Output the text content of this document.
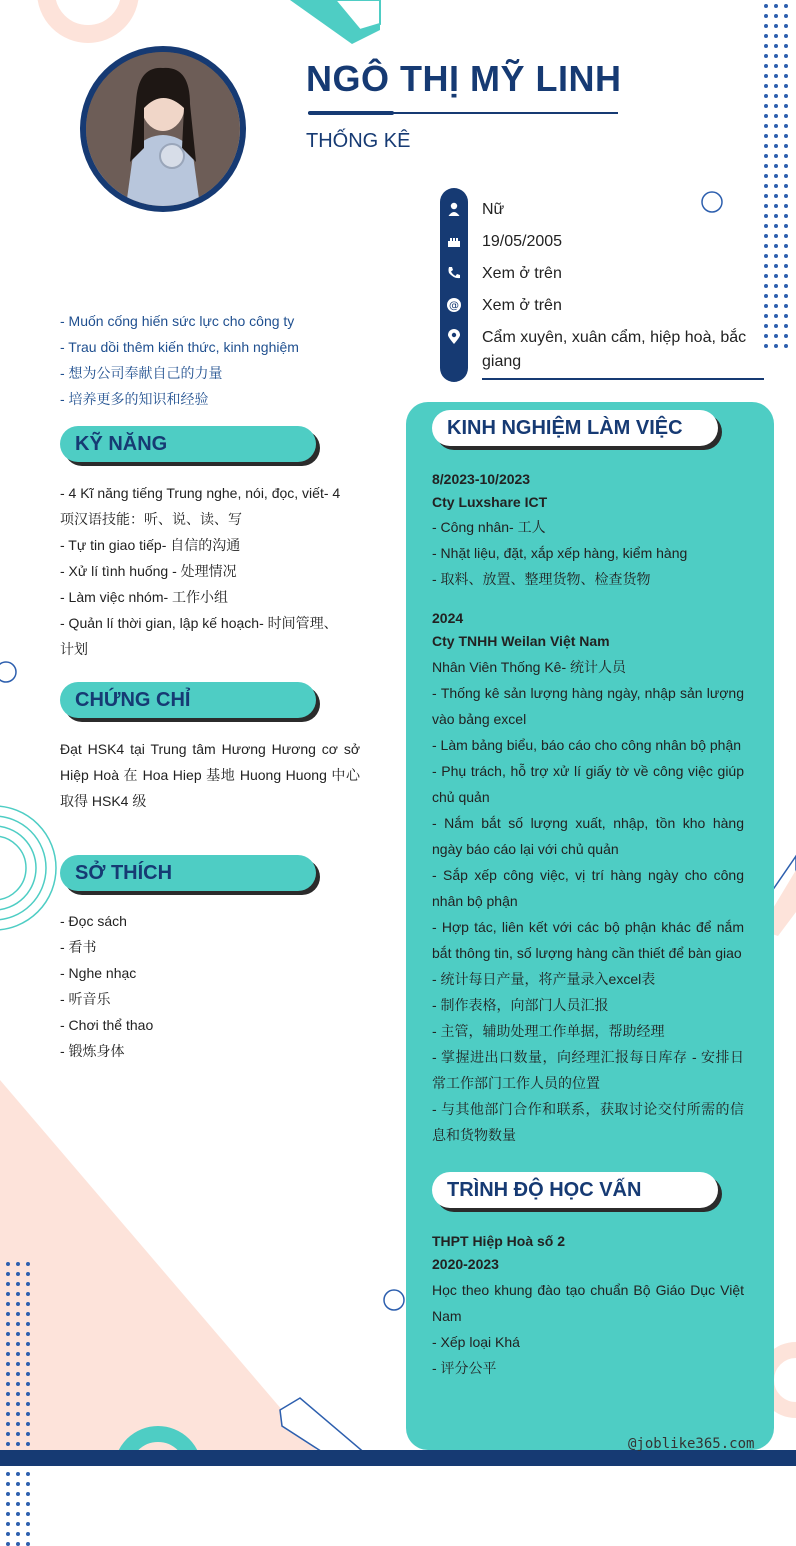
NGÔ THỊ MỸ LINH
THỐNG KÊ
@
Nữ
19/05/2005
Xem ở trên
Xem ở trên
Cẩm xuyên, xuân cẩm, hiệp hoà, bắc giang
- Muốn cống hiến sức lực cho công ty
- Trau dồi thêm kiến thức, kinh nghiệm
- 想为公司奉献自己的力量
- 培养更多的知识和经验
KỸ NĂNG
- 4 Kĩ năng tiếng Trung nghe, nói, đọc, viết- 4
项汉语技能：听、说、读、写
- Tự tin giao tiếp- 自信的沟通
- Xử lí tình huống - 处理情况
- Làm việc nhóm- 工作小组
- Quản lí thời gian, lập kế hoạch- 时间管理、
计划
CHỨNG CHỈ
Đạt HSK4 tại Trung tâm Hương Hương cơ sở Hiệp Hoà 在 Hoa Hiep 基地 Huong Huong 中心取得 HSK4 级
SỞ THÍCH
- Đọc sách
- 看书
- Nghe nhạc
- 听音乐
- Chơi thể thao
- 锻炼身体
KINH NGHIỆM LÀM VIỆC
8/2023-10/2023
Cty Luxshare ICT
- Công nhân- 工人
- Nhặt liệu, đặt, xắp xếp hàng, kiểm hàng
- 取料、放置、整理货物、检查货物
2024
Cty TNHH Weilan Việt Nam
Nhân Viên Thống Kê- 统计人员
- Thống kê sản lượng hàng ngày, nhập sản lượng vào bảng excel
- Làm bảng biểu, báo cáo cho công nhân bộ phận
- Phụ trách, hỗ trợ xử lí giấy tờ về công việc giúp chủ quản
- Nắm bắt số lượng xuất, nhập, tồn kho hàng ngày báo cáo lại với chủ quản
- Sắp xếp công việc, vị trí hàng ngày cho công nhân bộ phận
- Hợp tác, liên kết với các bộ phận khác để nắm bắt thông tin, số lượng hàng cần thiết để bàn giao
- 统计每日产量，将产量录入excel表
- 制作表格，向部门人员汇报
- 主管，辅助处理工作单据，帮助经理
- 掌握进出口数量，向经理汇报每日库存 - 安排日常工作部门工作人员的位置
- 与其他部门合作和联系，获取讨论交付所需的信息和货物数量
TRÌNH ĐỘ HỌC VẤN
THPT Hiệp Hoà số 2
2020-2023
Học theo khung đào tạo chuẩn Bộ Giáo Dục Việt Nam
- Xếp loại Khá
- 评分公平
@joblike365.com
